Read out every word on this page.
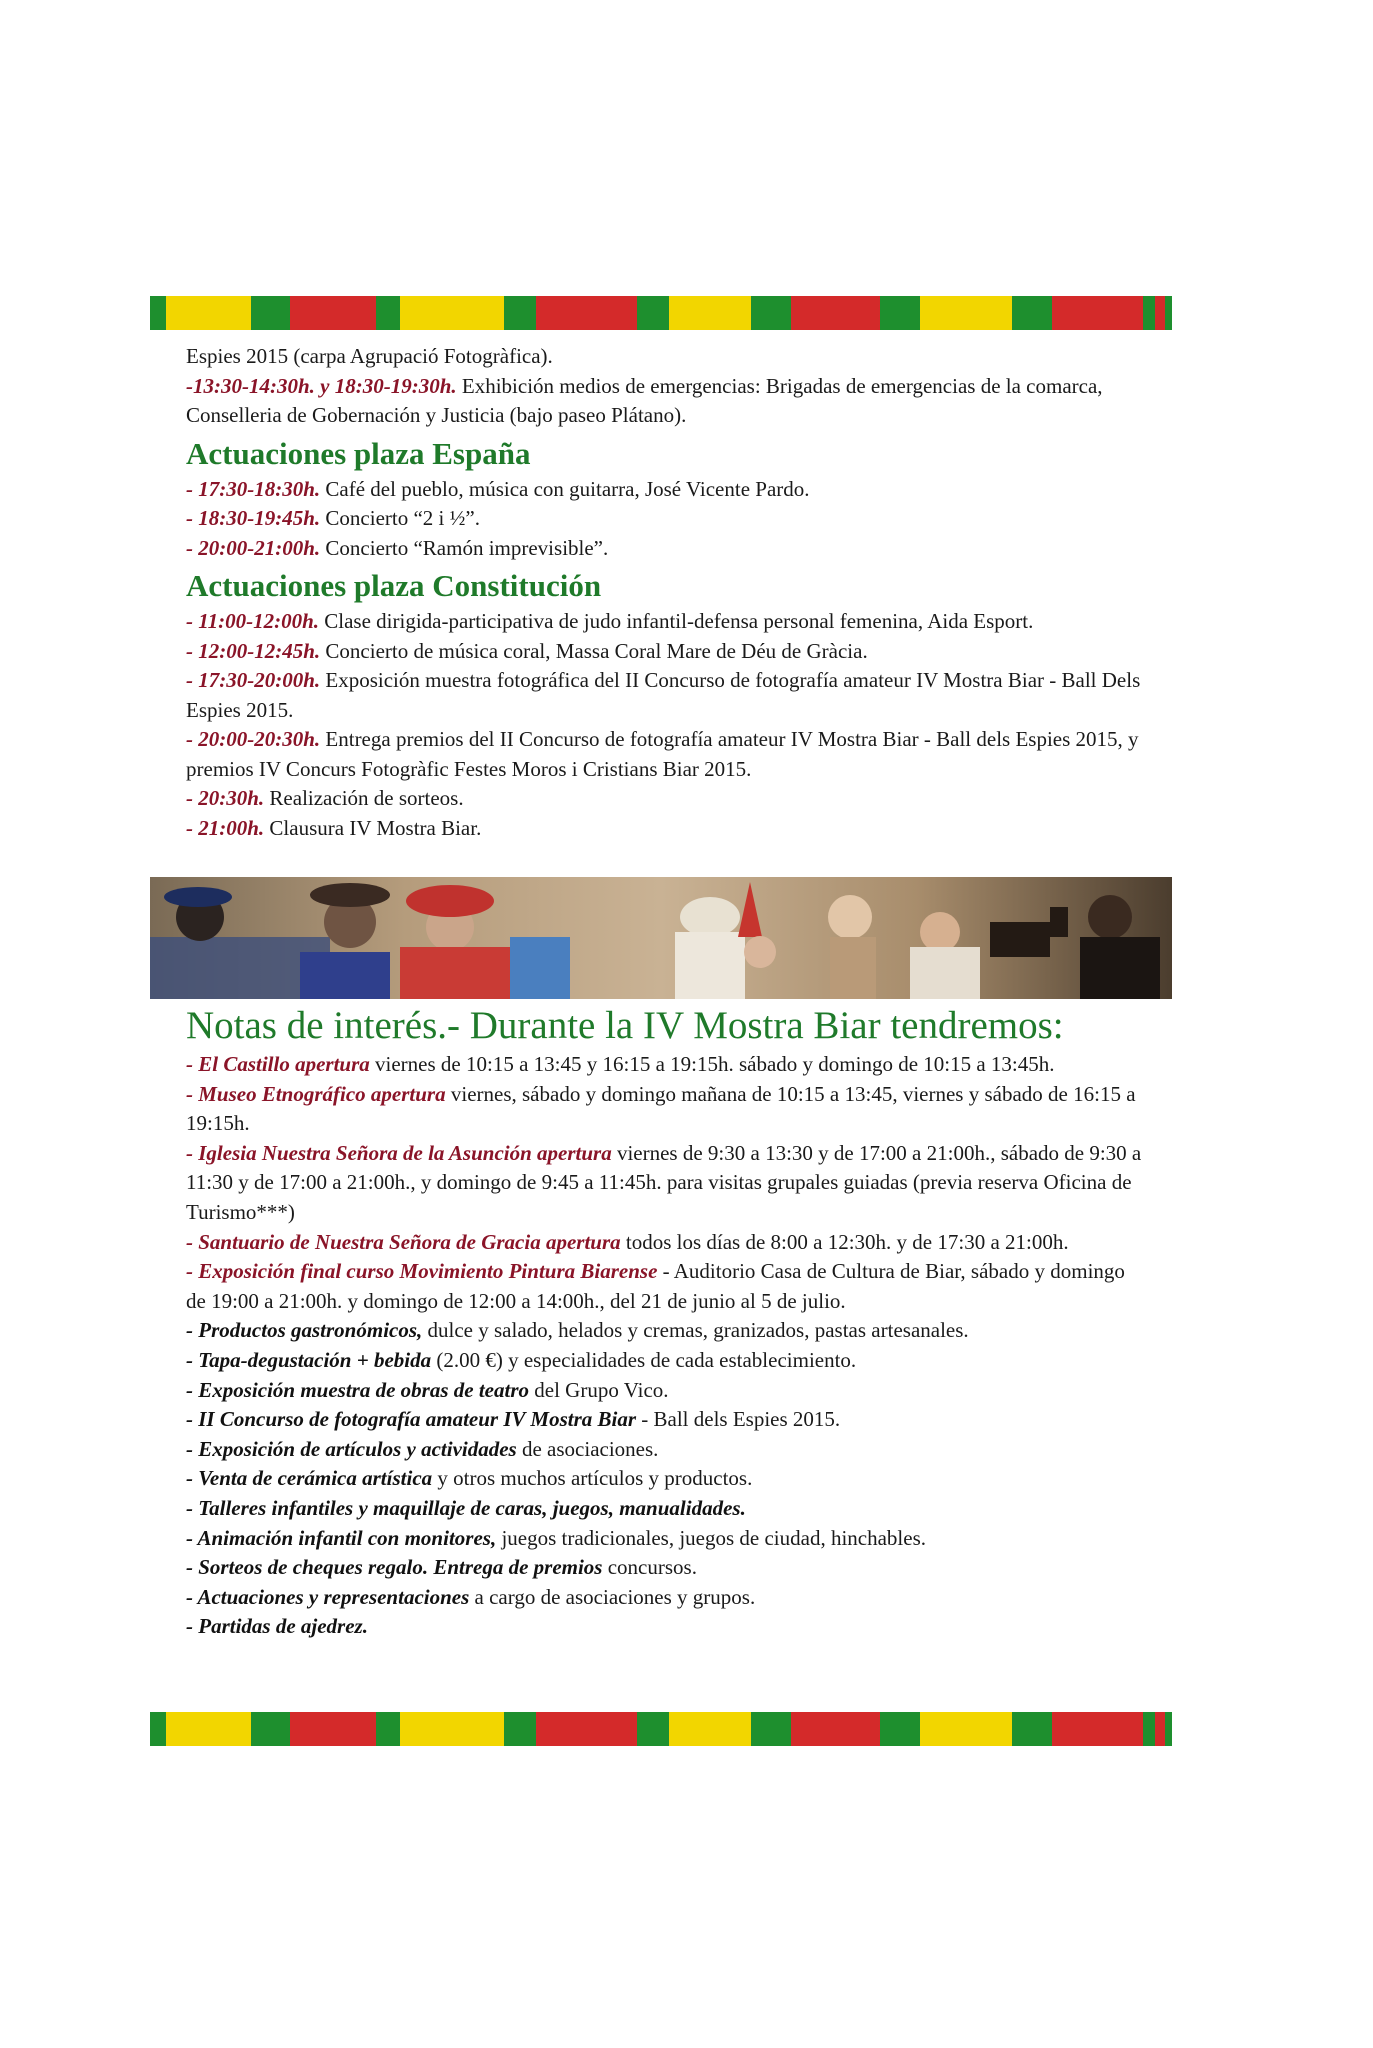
Espies 2015 (carpa Agrupació Fotogràfica).

-13:30-14:30h. y 18:30-19:30h. Exhibición medios de emergencias: Brigadas de emergencias de la comarca, Conselleria de Gobernación y Justicia (bajo paseo Plátano).

Actuaciones plaza España

- 17:30-18:30h. Café del pueblo, música con guitarra, José Vicente Pardo.

- 18:30-19:45h. Concierto “2 i ½”.

- 20:00-21:00h. Concierto “Ramón imprevisible”.

Actuaciones plaza Constitución

- 11:00-12:00h. Clase dirigida-participativa de judo infantil-defensa personal femenina, Aida Esport.

- 12:00-12:45h. Concierto de música coral, Massa Coral Mare de Déu de Gràcia.

- 17:30-20:00h. Exposición muestra fotográfica del II Concurso de fotografía amateur IV Mostra Biar - Ball Dels Espies 2015.

- 20:00-20:30h. Entrega premios del II Concurso de fotografía amateur IV Mostra Biar - Ball dels Espies 2015, y premios IV Concurs Fotogràfic Festes Moros i Cristians Biar 2015.

- 20:30h. Realización de sorteos.

- 21:00h. Clausura IV Mostra Biar.

Notas de interés.- Durante la IV Mostra Biar tendremos:

- El Castillo apertura viernes de 10:15 a 13:45 y 16:15 a 19:15h. sábado y domingo de 10:15 a 13:45h.

- Museo Etnográfico apertura viernes, sábado y domingo mañana de 10:15 a 13:45, viernes y sábado de 16:15 a 19:15h.

- Iglesia Nuestra Señora de la Asunción apertura viernes de 9:30 a 13:30 y de 17:00 a 21:00h., sábado de 9:30 a 11:30 y de 17:00 a 21:00h., y domingo de 9:45 a 11:45h. para visitas grupales guiadas (previa reserva Oficina de Turismo***)

- Santuario de Nuestra Señora de Gracia apertura todos los días de 8:00 a 12:30h. y de 17:30 a 21:00h.

- Exposición final curso Movimiento Pintura Biarense - Auditorio Casa de Cultura de Biar, sábado y domingo de 19:00 a 21:00h. y domingo de 12:00 a 14:00h., del 21 de junio al 5 de julio.

- Productos gastronómicos, dulce y salado, helados y cremas, granizados, pastas artesanales.

- Tapa-degustación + bebida (2.00 €) y especialidades de cada establecimiento.

- Exposición muestra de obras de teatro del Grupo Vico.

- II Concurso de fotografía amateur IV Mostra Biar - Ball dels Espies 2015.

- Exposición de artículos y actividades de asociaciones.

- Venta de cerámica artística y otros muchos artículos y productos.

- Talleres infantiles y maquillaje de caras, juegos, manualidades.

- Animación infantil con monitores, juegos tradicionales, juegos de ciudad, hinchables.

- Sorteos de cheques regalo. Entrega de premios concursos.

- Actuaciones y representaciones a cargo de asociaciones y grupos.

- Partidas de ajedrez.
